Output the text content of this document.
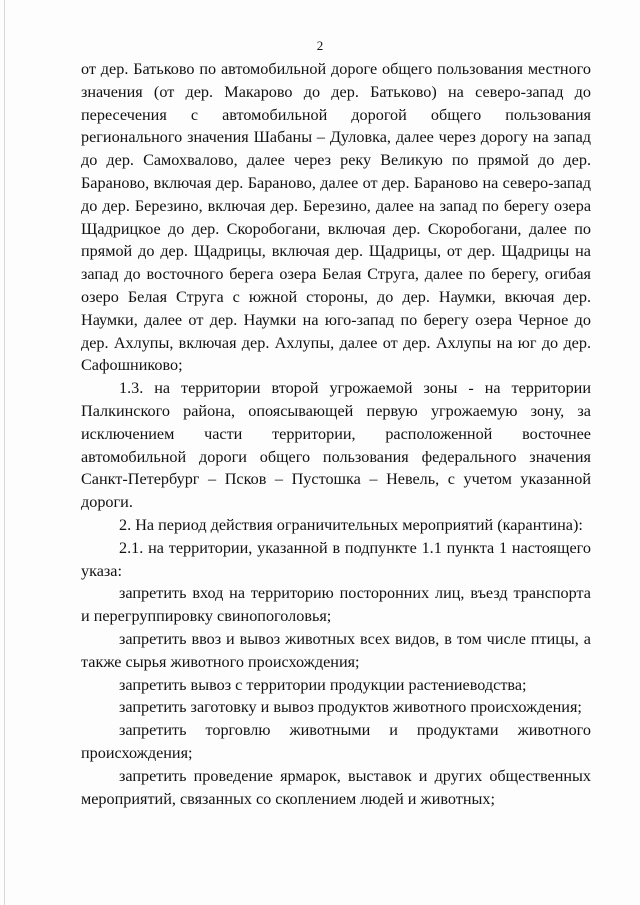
2

от дер. Батьково по автомобильной дороге общего пользования местного значения (от дер. Макарово до дер. Батьково) на северо-запад до пересечения с автомобильной дорогой общего пользования регионального значения Шабаны – Дуловка, далее через дорогу на запад до дер. Самохвалово, далее через реку Великую по прямой до дер. Бараново, включая дер. Бараново, далее от дер. Бараново на северо-запад до дер. Березино, включая дер. Березино, далее на запад по берегу озера Щадрицкое до дер. Скоробогани, включая дер. Скоробогани, далее по прямой до дер. Щадрицы, включая дер. Щадрицы, от дер. Щадрицы на запад до восточного берега озера Белая Струга, далее по берегу, огибая озеро Белая Струга с южной стороны, до дер. Наумки, вкючая дер. Наумки, далее от дер. Наумки на юго-запад по берегу озера Черное до дер. Ахлупы, включая дер. Ахлупы, далее от дер. Ахлупы на юг до дер. Сафошниково;

1.3. на территории второй угрожаемой зоны - на территории Палкинского района, опоясывающей первую угрожаемую зону, за исключением части территории, расположенной восточнее автомобильной дороги общего пользования федерального значения Санкт-Петербург – Псков – Пустошка – Невель, с учетом указанной дороги.

2. На период действия ограничительных мероприятий (карантина):

2.1. на территории, указанной в подпункте 1.1 пункта 1 настоящего указа:

запретить вход на территорию посторонних лиц, въезд транспорта и перегруппировку свинопоголовья;

запретить ввоз и вывоз животных всех видов, в том числе птицы, а также сырья животного происхождения;

запретить вывоз с территории продукции растениеводства;

запретить заготовку и вывоз продуктов животного происхождения;

запретить торговлю животными и продуктами животного происхождения;

запретить проведение ярмарок, выставок и других общественных мероприятий, связанных со скоплением людей и животных;
